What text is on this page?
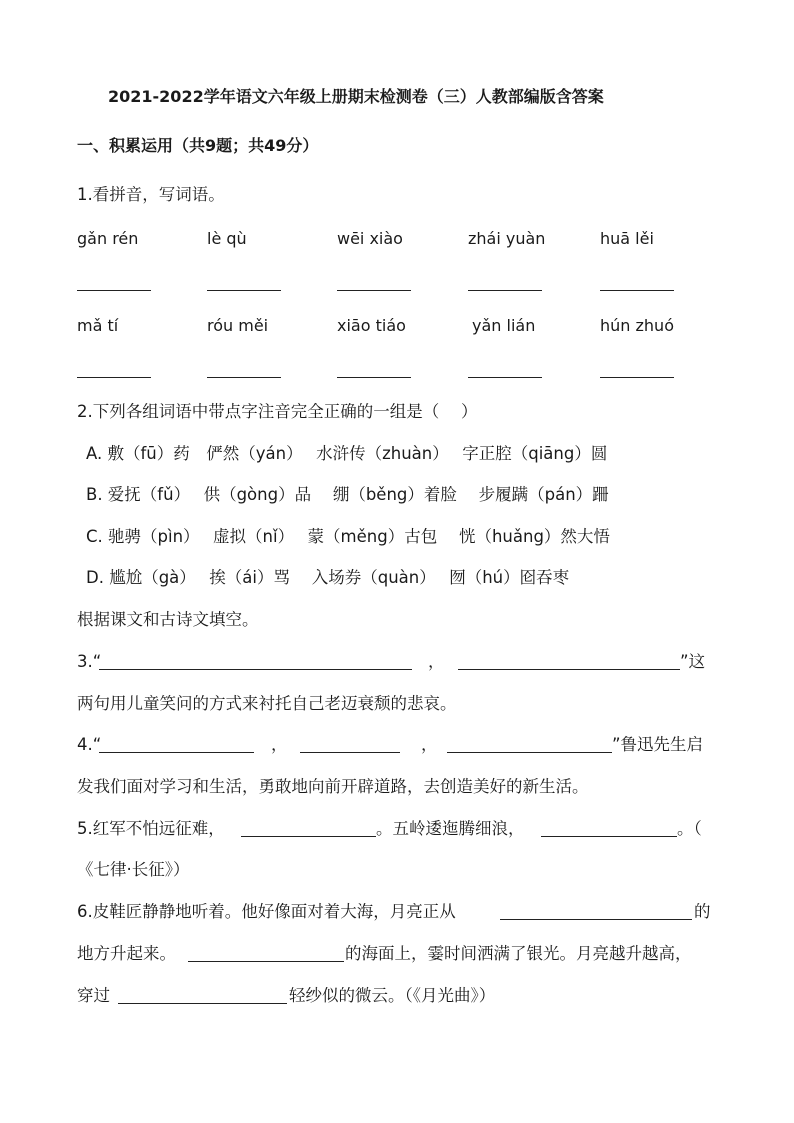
2021-2022学年语文六年级上册期末检测卷（三）人教部编版含答案
一、积累运用（共9题；共49分）
1.看拼音，写词语。
gǎn rén	lè qù	wēi xiào	zhái yuàn	huā lěi
mǎ tí	róu měi	xiāo tiáo	yǎn lián	hún zhuó
2.下列各组词语中带点字注音完全正确的一组是（　 ）
A. 敷（fū）药　俨然（yán）　 水浒传（zhuàn）　 字正腔（qiāng）圆
B. 爱抚（fǔ）　 供（gòng）品　 绷（běng）着脸　 步履蹒（pán）跚
C. 驰骋（pìn）　 虚拟（nǐ）　 蒙（měng）古包　 恍（huǎng）然大悟
D. 尴尬（gà）　 挨（ái）骂　 入场券（quàn）　 囫（hú）囵吞枣
根据课文和古诗文填空。
3.“	，	”这
两句用儿童笑问的方式来衬托自己老迈衰颓的悲哀。
4.“	，	，	”鲁迅先生启
发我们面对学习和生活，勇敢地向前开辟道路，去创造美好的新生活。
5.红军不怕远征难，	。五岭逶迤腾细浪，	。（
《七律·长征》）
6.皮鞋匠静静地听着。他好像面对着大海，月亮正从	的
地方升起来。	的海面上，霎时间洒满了银光。月亮越升越高，
穿过	轻纱似的微云。（《月光曲》）
